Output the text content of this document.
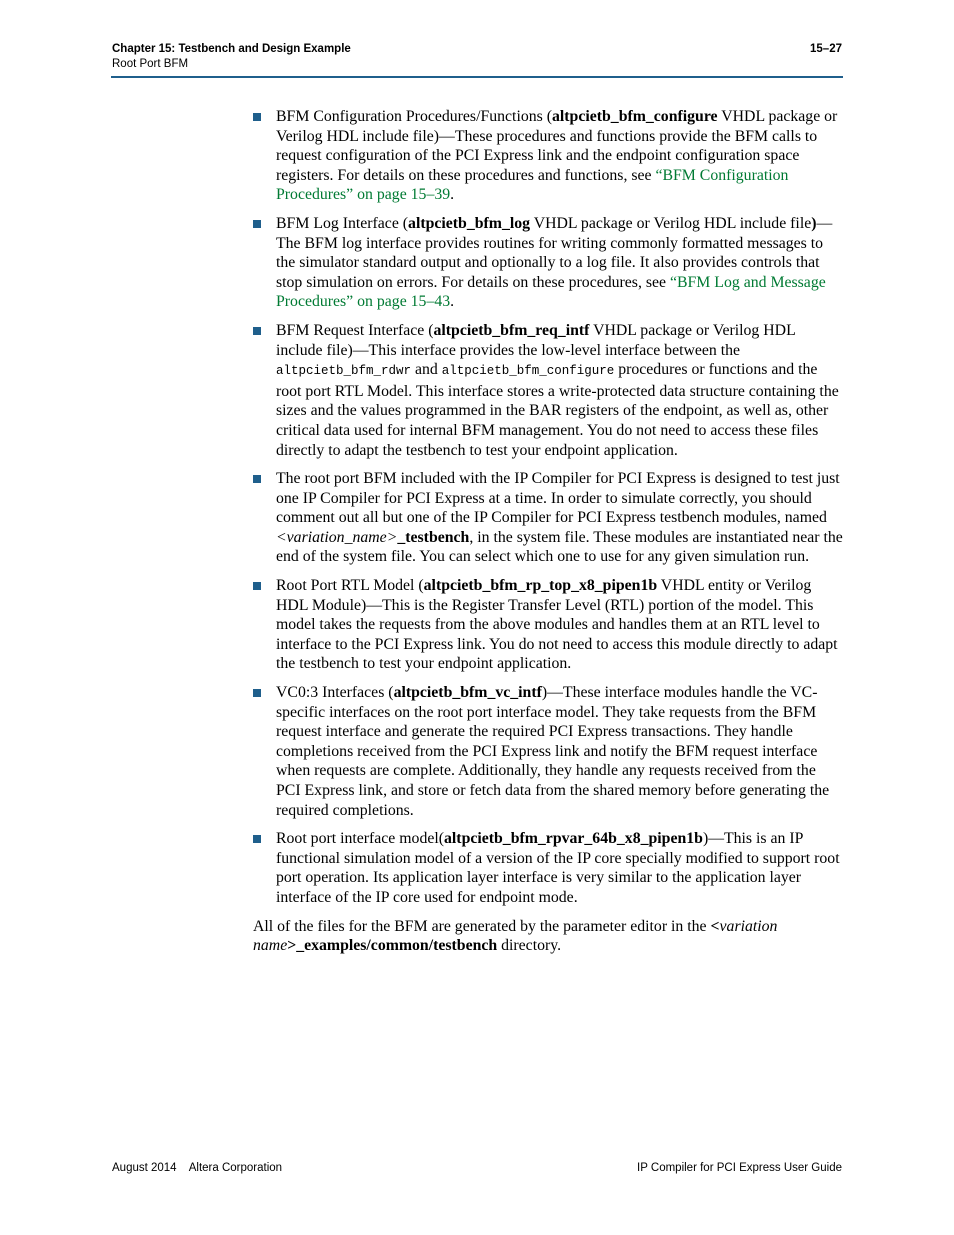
Chapter 15: Testbench and Design Example
Root Port BFM
15–27
BFM Configuration Procedures/Functions (altpcietb_bfm_configure VHDL package or Verilog HDL include file)—These procedures and functions provide the BFM calls to request configuration of the PCI Express link and the endpoint configuration space registers. For details on these procedures and functions, see “BFM Configuration Procedures” on page 15–39.
BFM Log Interface (altpcietb_bfm_log VHDL package or Verilog HDL include file)—The BFM log interface provides routines for writing commonly formatted messages to the simulator standard output and optionally to a log file. It also provides controls that stop simulation on errors. For details on these procedures, see “BFM Log and Message Procedures” on page 15–43.
BFM Request Interface (altpcietb_bfm_req_intf VHDL package or Verilog HDL include file)—This interface provides the low-level interface between the altpcietb_bfm_rdwr and altpcietb_bfm_configure procedures or functions and the root port RTL Model. This interface stores a write-protected data structure containing the sizes and the values programmed in the BAR registers of the endpoint, as well as, other critical data used for internal BFM management. You do not need to access these files directly to adapt the testbench to test your endpoint application.
The root port BFM included with the IP Compiler for PCI Express is designed to test just one IP Compiler for PCI Express at a time. In order to simulate correctly, you should comment out all but one of the IP Compiler for PCI Express testbench modules, named <variation_name>_testbench, in the system file. These modules are instantiated near the end of the system file. You can select which one to use for any given simulation run.
Root Port RTL Model (altpcietb_bfm_rp_top_x8_pipen1b VHDL entity or Verilog HDL Module)—This is the Register Transfer Level (RTL) portion of the model. This model takes the requests from the above modules and handles them at an RTL level to interface to the PCI Express link. You do not need to access this module directly to adapt the testbench to test your endpoint application.
VC0:3 Interfaces (altpcietb_bfm_vc_intf)—These interface modules handle the VC-specific interfaces on the root port interface model. They take requests from the BFM request interface and generate the required PCI Express transactions. They handle completions received from the PCI Express link and notify the BFM request interface when requests are complete. Additionally, they handle any requests received from the PCI Express link, and store or fetch data from the shared memory before generating the required completions.
Root port interface model(altpcietb_bfm_rpvar_64b_x8_pipen1b)—This is an IP functional simulation model of a version of the IP core specially modified to support root port operation. Its application layer interface is very similar to the application layer interface of the IP core used for endpoint mode.

All of the files for the BFM are generated by the parameter editor in the <variation name>_examples/common/testbench directory.

August 2014    Altera Corporation	IP Compiler for PCI Express User Guide
